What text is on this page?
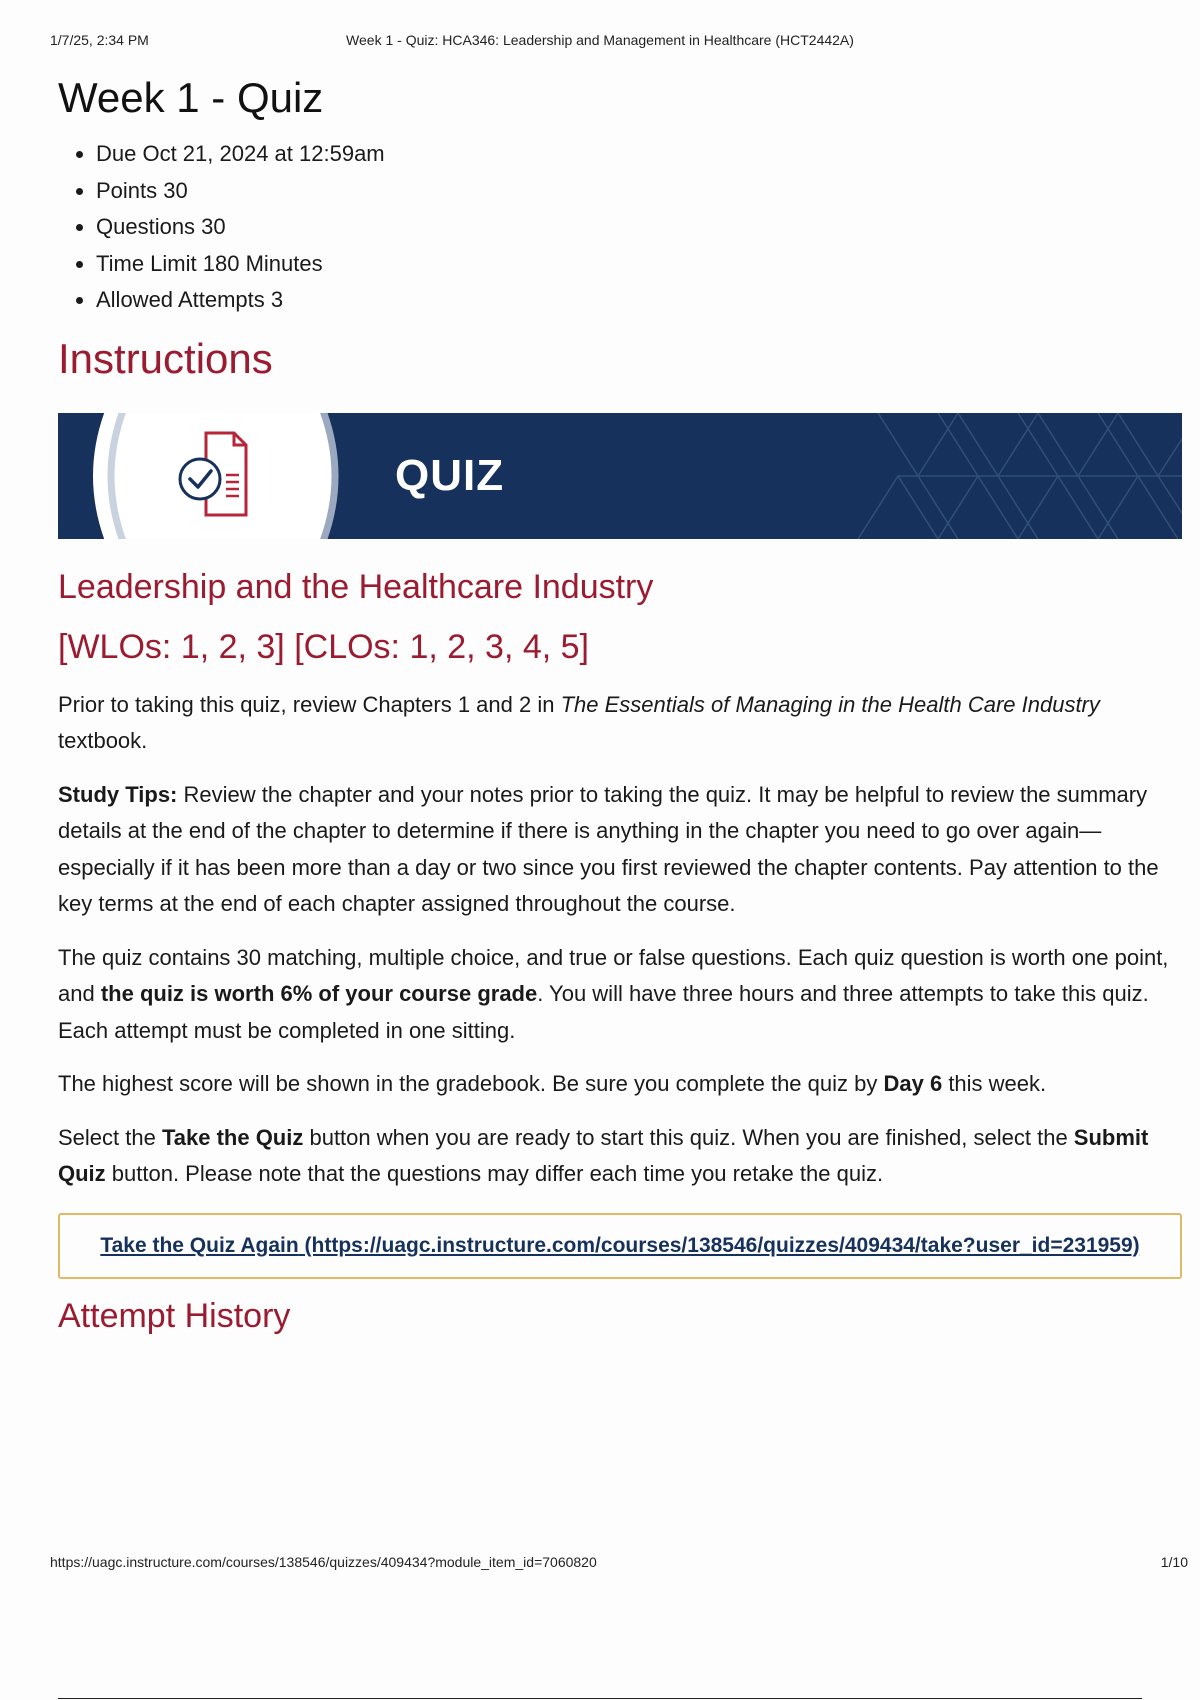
1/7/25, 2:34 PM	Week 1 - Quiz: HCA346: Leadership and Management in Healthcare (HCT2442A)
Week 1 - Quiz
• Due Oct 21, 2024 at 12:59am
• Points 30
• Questions 30
• Time Limit 180 Minutes
• Allowed Attempts 3
Instructions
QUIZ
Leadership and the Healthcare Industry
[WLOs: 1, 2, 3] [CLOs: 1, 2, 3, 4, 5]

Prior to taking this quiz, review Chapters 1 and 2 in The Essentials of Managing in the Health Care Industry textbook.

Study Tips: Review the chapter and your notes prior to taking the quiz. It may be helpful to review the summary details at the end of the chapter to determine if there is anything in the chapter you need to go over again—especially if it has been more than a day or two since you first reviewed the chapter contents. Pay attention to the key terms at the end of each chapter assigned throughout the course.

The quiz contains 30 matching, multiple choice, and true or false questions. Each quiz question is worth one point, and the quiz is worth 6% of your course grade. You will have three hours and three attempts to take this quiz. Each attempt must be completed in one sitting.

The highest score will be shown in the gradebook. Be sure you complete the quiz by Day 6 this week.

Select the Take the Quiz button when you are ready to start this quiz. When you are finished, select the Submit Quiz button. Please note that the questions may differ each time you retake the quiz.

Take the Quiz Again (https://uagc.instructure.com/courses/138546/quizzes/409434/take?user_id=231959)
Attempt History
https://uagc.instructure.com/courses/138546/quizzes/409434?module_item_id=7060820	1/10
